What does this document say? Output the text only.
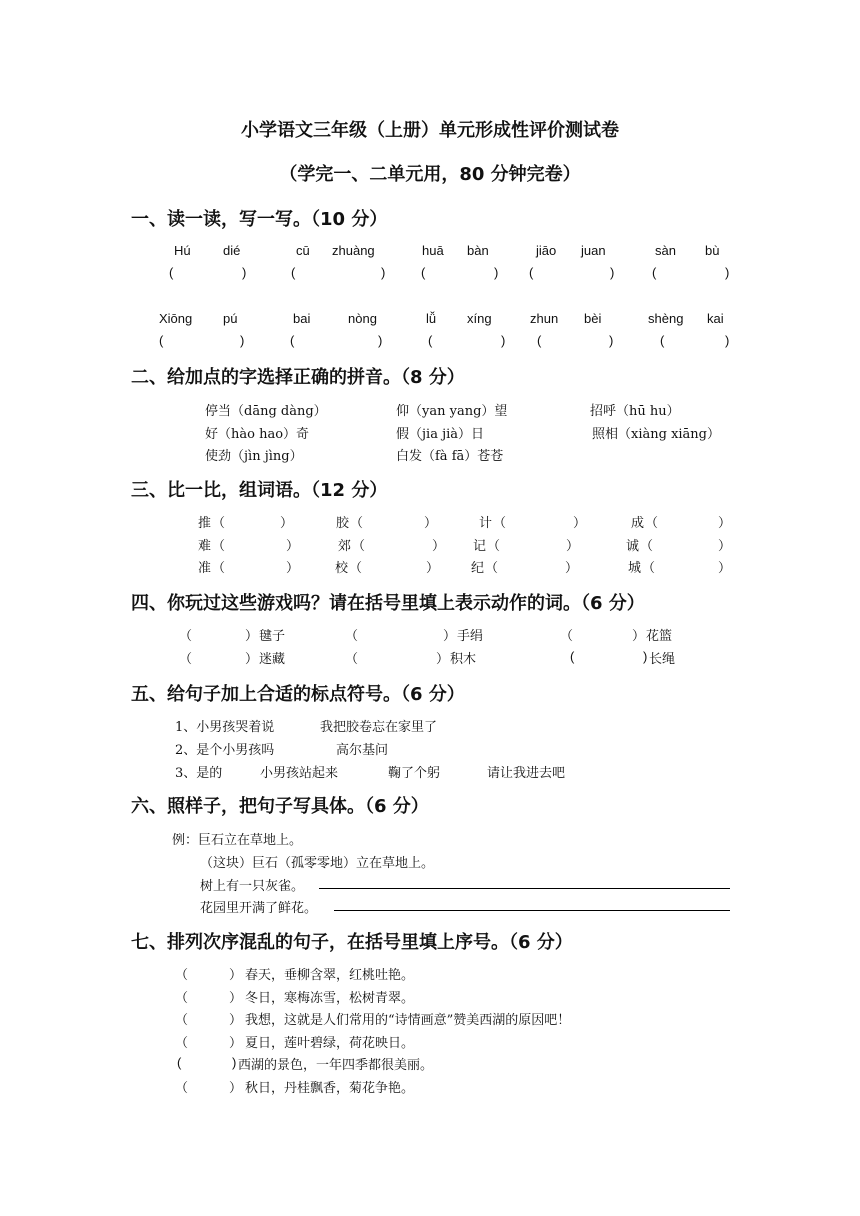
小学语文三年级（上册）单元形成性评价测试卷
（学完一、二单元用，80 分钟完卷）
一、读一读，写一写。（10 分）
Hú dié	cū zhuàng	huā bàn	jiāo juan	sàn bù
(	)	(	)	(	) (	)	(	)
Xiōng pú	bai	nòng	lǚ xíng	zhun bèi	shèng kai
(	)	(	)	(	) (	)	(	)
二、给加点的字选择正确的拼音。（8 分）
停当（dāng dàng）	仰（yan yang）望	招呼（hū hu）
好（hào hao）奇	假（jia jià）日	照相（xiàng xiāng）
使劲（jìn jìng）	白发（fà fā）苍苍
三、比一比，组词语。（12 分）
推 （	）	胶 （	）	计 （	）	成 （	）
难 （	）	郊 （	） 记 （	）	诚 （	）
准 （	）	校 （	） 纪 （	）	城 （	）
四、你玩过这些游戏吗？请在括号里填上表示动作的词。（6 分）
（	） 毽子	（	） 手绢	（	） 花篮
（	） 迷藏	（	） 积木	(	) 长绳
五、给句子加上合适的标点符号。（6 分）
1、小男孩哭着说	我把胶卷忘在家里了
2、是个小男孩吗	高尔基问
3、是的	小男孩站起来	鞠了个躬	请让我进去吧
六、照样子，把句子写具体。（6 分）
例：巨石立在草地上。
（这块）巨石（孤零零地）立在草地上。
树上有一只灰雀。
花园里开满了鲜花。
七、排列次序混乱的句子，在括号里填上序号。（6 分）
（	） 春天，垂柳含翠，红桃吐艳。
（	） 冬日，寒梅冻雪，松树青翠。
（	） 我想，这就是人们常用的“诗情画意”赞美西湖的原因吧！
（	） 夏日，莲叶碧绿，荷花映日。
(	) 西湖的景色，一年四季都很美丽。
（	） 秋日，丹桂飘香，菊花争艳。
